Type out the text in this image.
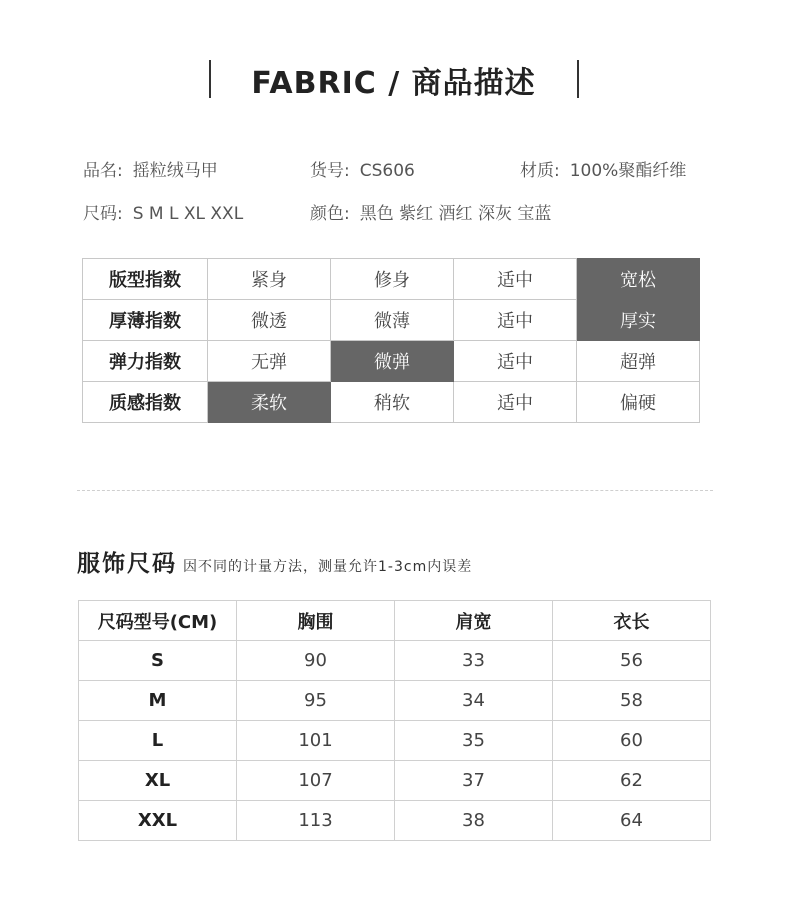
FABRIC / 商品描述
品名: 摇粒绒马甲	货号: CS606	材质: 100%聚酯纤维
尺码: S M L XL XXL	颜色: 黑色 紫红 酒红 深灰 宝蓝
版型指数	紧身	修身	适中	宽松
厚薄指数	微透	微薄	适中	厚实
弹力指数	无弹	微弹	适中	超弹
质感指数	柔软	稍软	适中	偏硬
服饰尺码 因不同的计量方法，测量允许1-3cm内误差
尺码型号(CM)	胸围	肩宽	衣长
S	90	33	56
M	95	34	58
L	101	35	60
XL	107	37	62
XXL	113	38	64
